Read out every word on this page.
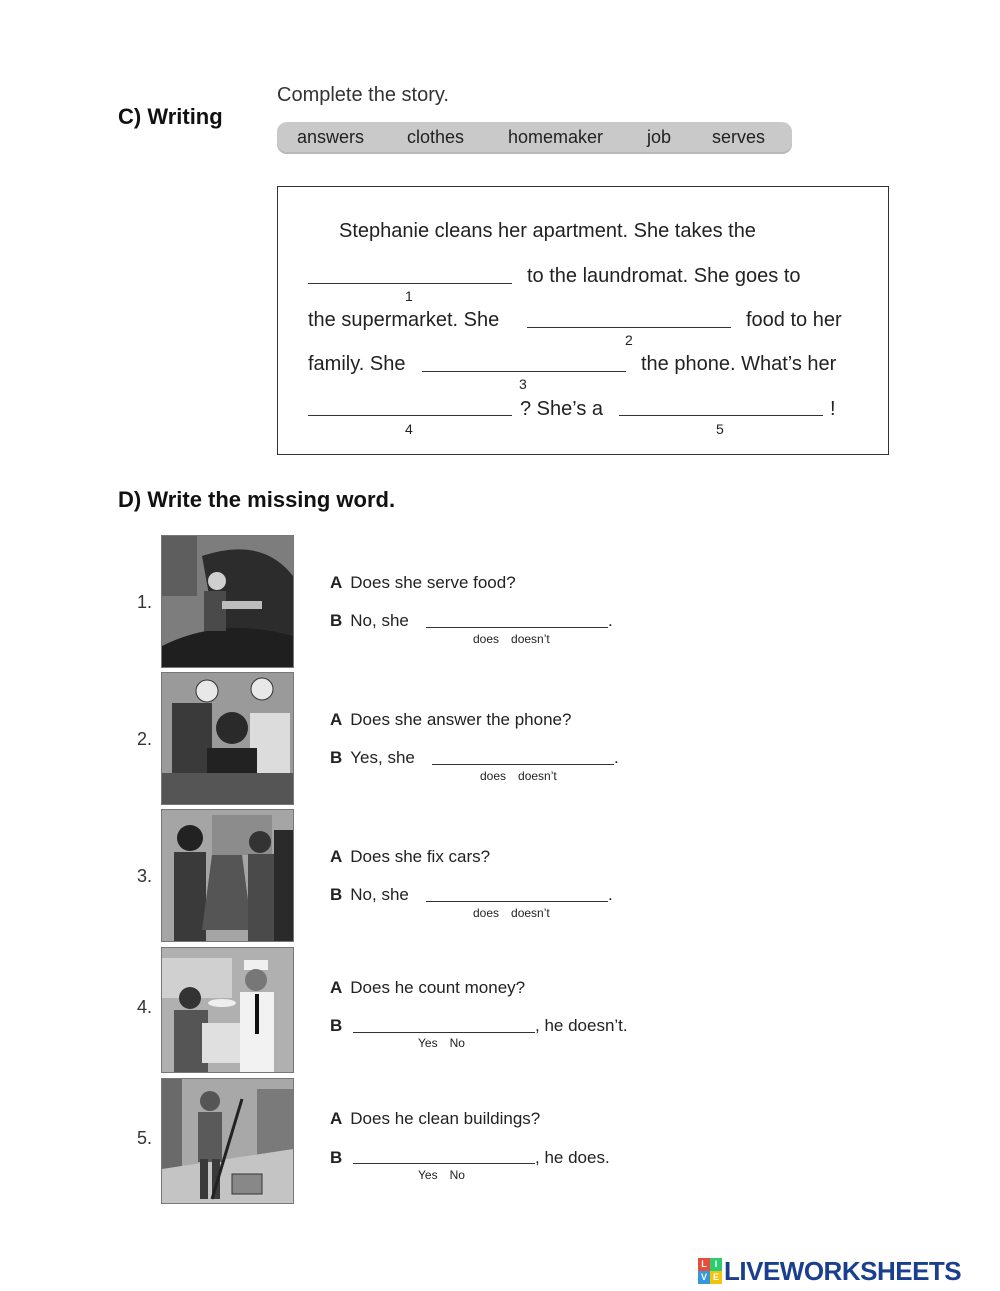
C) Writing
Complete the story.
answers clothes homemaker job serves
Stephanie cleans her apartment. She takes the
1
to the laundromat. She goes to
the supermarket. She
2
food to her
family. She
3
the phone. What’s her
4
? She’s a
5
!
D) Write the missing word.
1.
A Does she serve food?
B No, she	.
does doesn’t
2.
A Does she answer the phone?
B Yes, she	.
does doesn’t
3.
A Does she fix cars?
B No, she	.
does doesn’t
4.
A Does he count money?
B	, he doesn’t.
Yes No
5.
A Does he clean buildings?
B	, he does.
Yes No
L I
V E LIVEWORKSHEETS
